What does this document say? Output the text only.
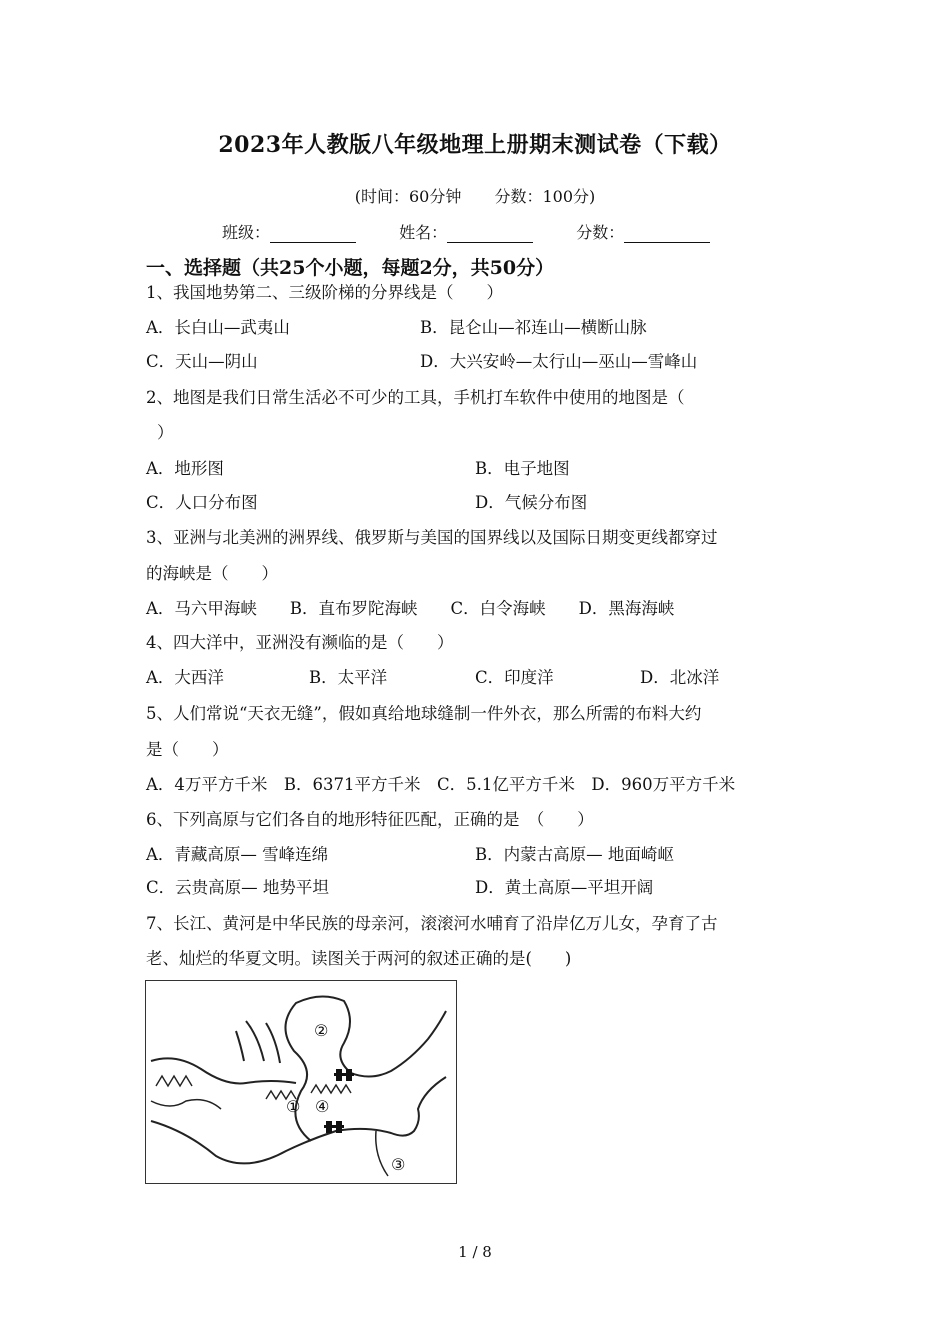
2023年人教版八年级地理上册期末测试卷（下载）
(时间：60分钟 分数：100分)
班级：	姓名：	分数：
一、选择题（共25个小题，每题2分，共50分）
1、我国地势第二、三级阶梯的分界线是（　　）
A．长白山—武夷山	B．昆仑山—祁连山—横断山脉
C．天山—阴山	D．大兴安岭—太行山—巫山—雪峰山
2、地图是我们日常生活必不可少的工具，手机打车软件中使用的地图是（
）
A．地形图	B．电子地图
C．人口分布图	D．气候分布图
3、亚洲与北美洲的洲界线、俄罗斯与美国的国界线以及国际日期变更线都穿过
的海峡是（　　）
A．马六甲海峡　　B．直布罗陀海峡　　C．白令海峡　　D．黑海海峡
4、四大洋中，亚洲没有濒临的是（　　）
A．大西洋	B．太平洋	C．印度洋	D．北冰洋
5、人们常说“天衣无缝”，假如真给地球缝制一件外衣，那么所需的布料大约
是（　　）
A．4万平方千米　B．6371平方千米　C．5.1亿平方千米　D．960万平方千米
6、下列高原与它们各自的地形特征匹配，正确的是　（　　）
A．青藏高原— 雪峰连绵	B．内蒙古高原— 地面崎岖
C．云贵高原— 地势平坦	D．黄土高原—平坦开阔
7、长江、黄河是中华民族的母亲河，滚滚河水哺育了沿岸亿万儿女，孕育了古
老、灿烂的华夏文明。读图关于两河的叙述正确的是(　　)
①
②
③
④
1 / 8
